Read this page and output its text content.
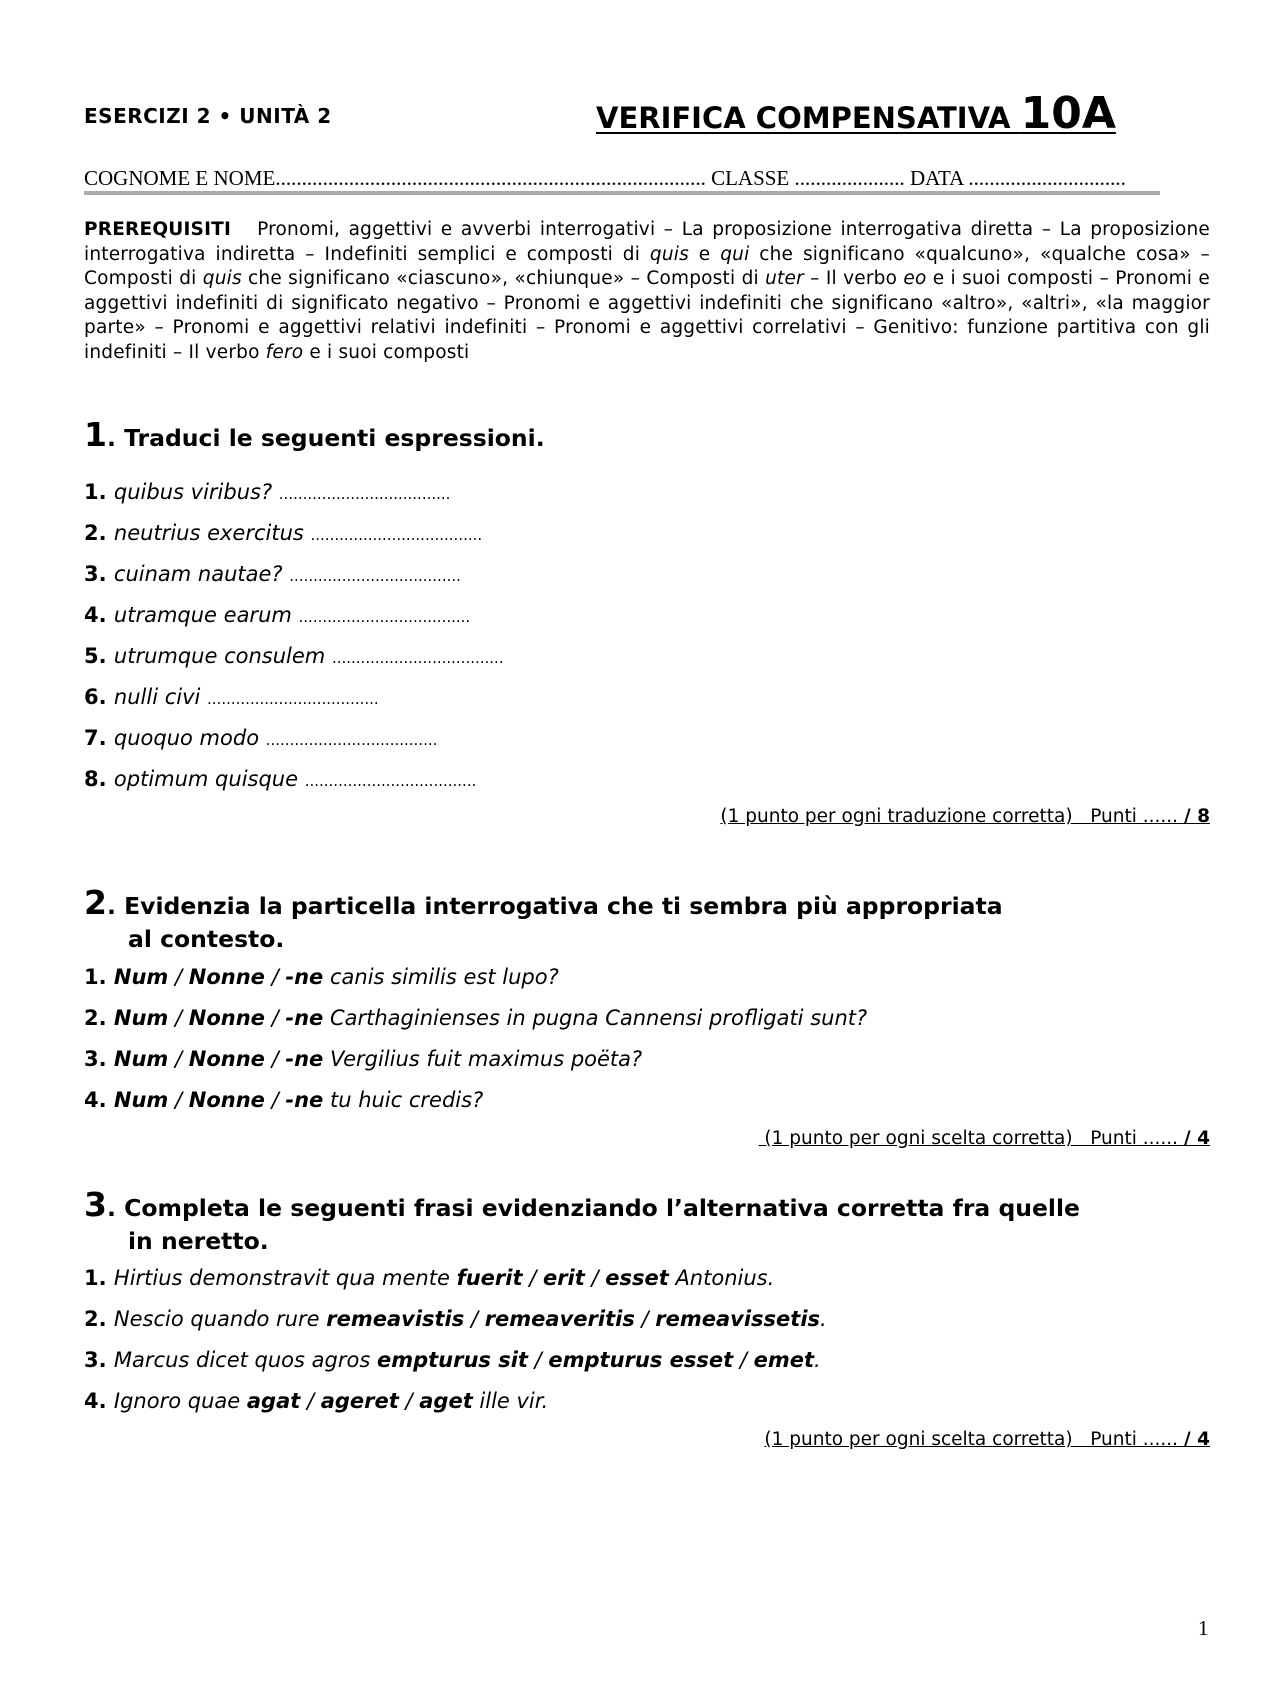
ESERCIZI 2 • UNITÀ 2	VERIFICA COMPENSATIVA 10A
COGNOME E NOME.................................................................................. CLASSE ..................... DATA ..............................
PREREQUISITI Pronomi, aggettivi e avverbi interrogativi – La proposizione interrogativa diretta – La proposizione interrogativa indiretta – Indefiniti semplici e composti di quis e qui che significano «qualcuno», «qualche cosa» – Composti di quis che significano «ciascuno», «chiunque» – Composti di uter – Il verbo eo e i suoi composti – Pronomi e aggettivi indefiniti di significato negativo – Pronomi e aggettivi indefiniti che significano «altro», «altri», «la maggior parte» – Pronomi e aggettivi relativi indefiniti – Pronomi e aggettivi correlativi – Genitivo: funzione partitiva con gli indefiniti – Il verbo fero e i suoi composti
1. Traduci le seguenti espressioni.
1. quibus viribus? ....................................
2. neutrius exercitus ....................................
3. cuinam nautae? ....................................
4. utramque earum ....................................
5. utrumque consulem ....................................
6. nulli civi ....................................
7. quoquo modo ....................................
8. optimum quisque ....................................
(1 punto per ogni traduzione corretta)   Punti ...... / 8
2. Evidenzia la particella interrogativa che ti sembra più appropriata
al contesto.
1. Num / Nonne / -ne canis similis est lupo?
2. Num / Nonne / -ne Carthaginienses in pugna Cannensi profligati sunt?
3. Num / Nonne / -ne Vergilius fuit maximus poëta?
4. Num / Nonne / -ne tu huic credis?
(1 punto per ogni scelta corretta)   Punti ...... / 4
3. Completa le seguenti frasi evidenziando l’alternativa corretta fra quelle
in neretto.
1. Hirtius demonstravit qua mente fuerit / erit / esset Antonius.
2. Nescio quando rure remeavistis / remeaveritis / remeavissetis.
3. Marcus dicet quos agros empturus sit / empturus esset / emet.
4. Ignoro quae agat / ageret / aget ille vir.
(1 punto per ogni scelta corretta)   Punti ...... / 4
1
